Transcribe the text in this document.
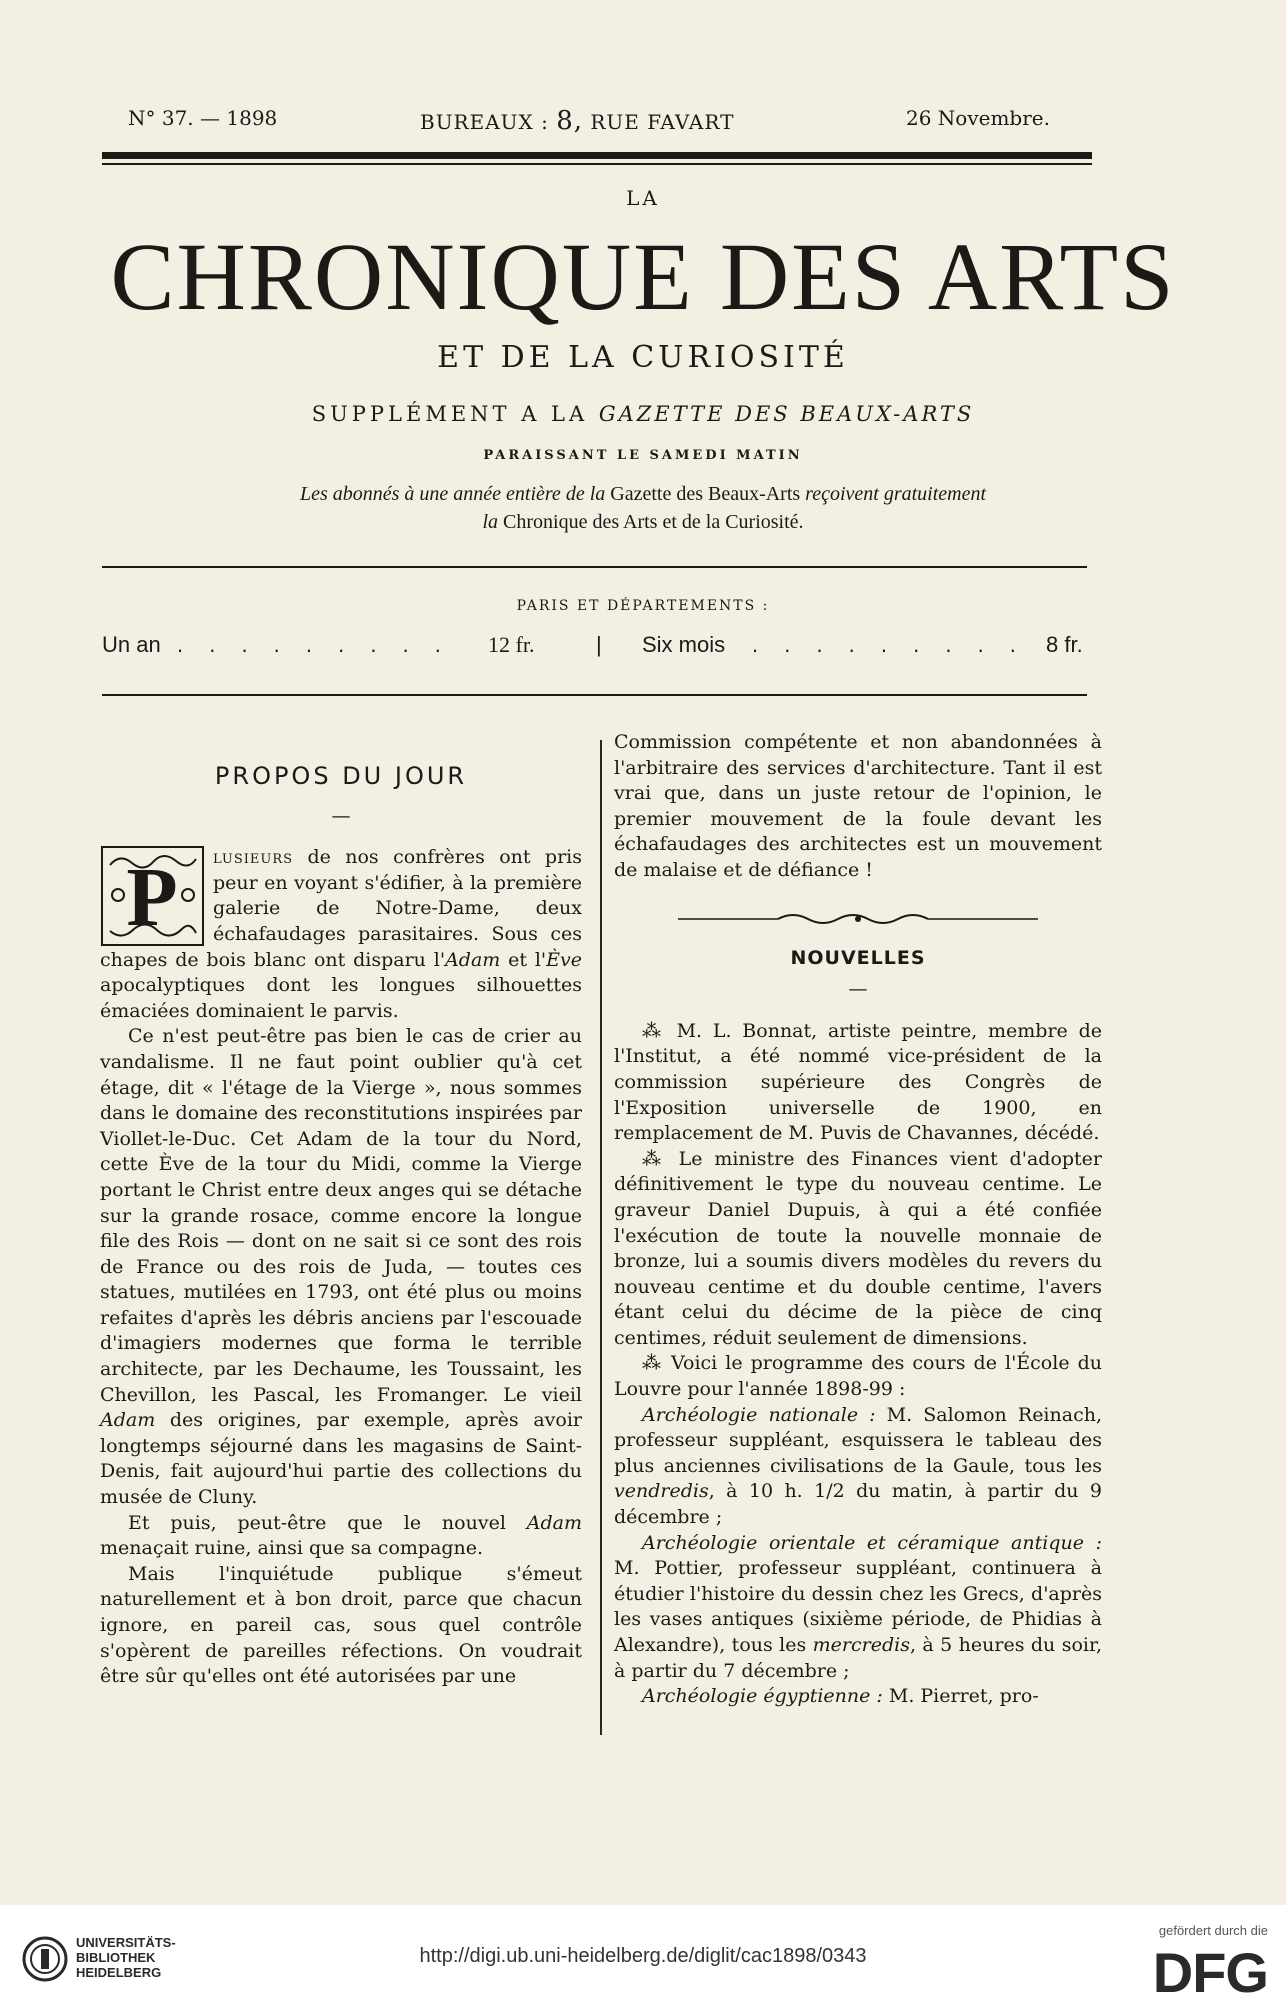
N° 37. — 1898	BUREAUX : 8, RUE FAVART	26 Novembre.
LA
CHRONIQUE DES ARTS
ET DE LA CURIOSITÉ
SUPPLÉMENT A LA GAZETTE DES BEAUX-ARTS
PARAISSANT LE SAMEDI MATIN
Les abonnés à une année entière de la Gazette des Beaux-Arts reçoivent gratuitement
la Chronique des Arts et de la Curiosité.
PARIS ET DÉPARTEMENTS :
Un an . . . . . . . . . 12 fr.	| Six mois . . . . . . . . . 8 fr.
PROPOS DU JOUR
—

P lusieurs de nos confrères ont pris peur en voyant s'édifier, à la première galerie de Notre-Dame, deux échafaudages parasitaires. Sous ces chapes de bois blanc ont disparu l'Adam et l'Ève apocalyptiques dont les longues silhouettes émaciées dominaient le parvis.

Ce n'est peut-être pas bien le cas de crier au vandalisme. Il ne faut point oublier qu'à cet étage, dit « l'étage de la Vierge », nous sommes dans le domaine des reconstitutions inspirées par Viollet-le-Duc. Cet Adam de la tour du Nord, cette Ève de la tour du Midi, comme la Vierge portant le Christ entre deux anges qui se détache sur la grande rosace, comme encore la longue file des Rois — dont on ne sait si ce sont des rois de France ou des rois de Juda, — toutes ces statues, mutilées en 1793, ont été plus ou moins refaites d'après les débris anciens par l'escouade d'imagiers modernes que forma le terrible architecte, par les Dechaume, les Toussaint, les Chevillon, les Pascal, les Fromanger. Le vieil Adam des origines, par exemple, après avoir longtemps séjourné dans les magasins de Saint-Denis, fait aujourd'hui partie des collections du musée de Cluny.

Et puis, peut-être que le nouvel Adam menaçait ruine, ainsi que sa compagne.

Mais l'inquiétude publique s'émeut naturellement et à bon droit, parce que chacun ignore, en pareil cas, sous quel contrôle s'opèrent de pareilles réfections. On voudrait être sûr qu'elles ont été autorisées par une

Commission compétente et non abandonnées à l'arbitraire des services d'architecture. Tant il est vrai que, dans un juste retour de l'opinion, le premier mouvement de la foule devant les échafaudages des architectes est un mouvement de malaise et de défiance !

NOUVELLES
—

⁂ M. L. Bonnat, artiste peintre, membre de l'Institut, a été nommé vice-président de la commission supérieure des Congrès de l'Exposition universelle de 1900, en remplacement de M. Puvis de Chavannes, décédé.

⁂ Le ministre des Finances vient d'adopter définitivement le type du nouveau centime. Le graveur Daniel Dupuis, à qui a été confiée l'exécution de toute la nouvelle monnaie de bronze, lui a soumis divers modèles du revers du nouveau centime et du double centime, l'avers étant celui du décime de la pièce de cinq centimes, réduit seulement de dimensions.

⁂ Voici le programme des cours de l'École du Louvre pour l'année 1898-99 :

Archéologie nationale : M. Salomon Reinach, professeur suppléant, esquissera le tableau des plus anciennes civilisations de la Gaule, tous les vendredis, à 10 h. 1/2 du matin, à partir du 9 décembre ;

Archéologie orientale et céramique antique : M. Pottier, professeur suppléant, continuera à étudier l'histoire du dessin chez les Grecs, d'après les vases antiques (sixième période, de Phidias à Alexandre), tous les mercredis, à 5 heures du soir, à partir du 7 décembre ;

Archéologie égyptienne : M. Pierret, pro-

UNIVERSITÄTS-
BIBLIOTHEK
HEIDELBERG
http://digi.ub.uni-heidelberg.de/diglit/cac1898/0343
gefördert durch die
DFG
